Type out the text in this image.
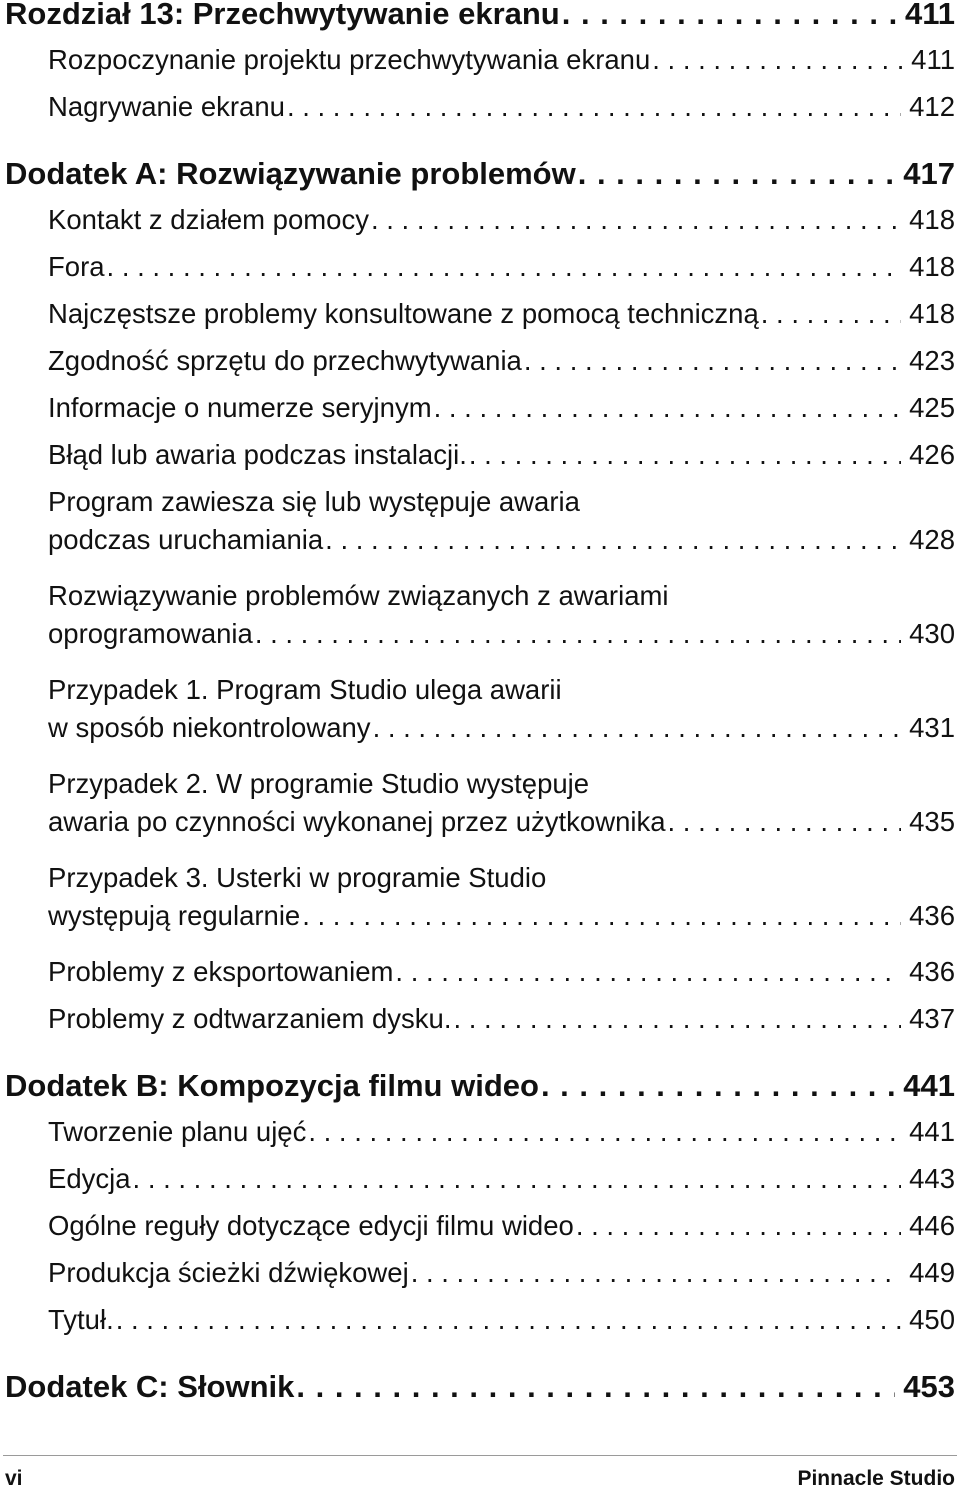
Rozdział 13: Przechwytywanie ekranu . . .	411
Rozpoczynanie projektu przechwytywania ekranu . . .	411
Nagrywanie ekranu . . .	412
Dodatek A: Rozwiązywanie problemów . . .	417
Kontakt z działem pomocy . . .	418
Fora . . .	418
Najczęstsze problemy konsultowane z pomocą techniczną . . .	418
Zgodność sprzętu do przechwytywania . . .	423
Informacje o numerze seryjnym . . .	425
Błąd lub awaria podczas instalacji. . . .	426
Program zawiesza się lub występuje awaria
podczas uruchamiania . . .	428
Rozwiązywanie problemów związanych z awariami
oprogramowania . . .	430
Przypadek 1. Program Studio ulega awarii
w sposób niekontrolowany . . .	431
Przypadek 2. W programie Studio występuje
awaria po czynności wykonanej przez użytkownika . . .	435
Przypadek 3. Usterki w programie Studio
występują regularnie . . .	436
Problemy z eksportowaniem . . .	436
Problemy z odtwarzaniem dysku. . . .	437
Dodatek B: Kompozycja filmu wideo . . .	441
Tworzenie planu ujęć . . .	441
Edycja . . .	443
Ogólne reguły dotyczące edycji filmu wideo . . .	446
Produkcja ścieżki dźwiękowej . . .	449
Tytuł. . . .	450
Dodatek C: Słownik . . .	453
vi	Pinnacle Studio
